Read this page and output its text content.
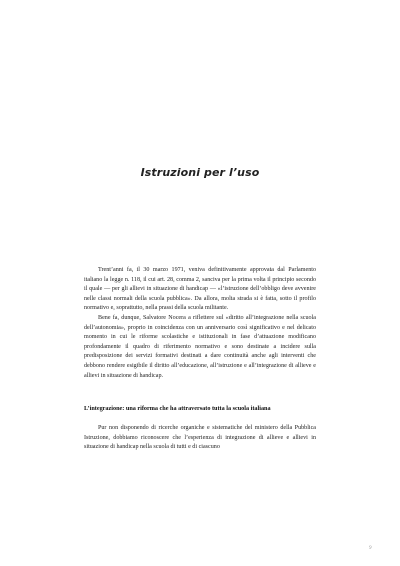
Istruzioni per l’uso

Trent’anni fa, il 30 marzo 1971, veniva definitivamente approvata dal Parlamento italiano la legge n. 118, il cui art. 28, comma 2, sanciva per la prima volta il principio secondo il quale — per gli allievi in situazione di handicap — «l’istruzione dell’obbligo deve avvenire nelle classi normali della scuola pubblica». Da allora, molta strada si è fatta, sotto il profilo normativo e, soprattutto, nella prassi della scuola militante.

Bene fa, dunque, Salvatore Nocera a riflettere sul «diritto all’integrazione nella scuola dell’autonomia», proprio in coincidenza con un anniversario così significativo e nel delicato momento in cui le riforme scolastiche e istituzionali in fase d’attuazione modificano profondamente il quadro di riferimento normativo e sono destinate a incidere sulla predisposizione dei servizi formativi destinati a dare continuità anche agli interventi che debbono rendere esigibile il diritto all’educazione, all’istruzione e all’integrazione di allieve e allievi in situazione di handicap.

L’integrazione: una riforma che ha attraversato tutta la scuola italiana

Pur non disponendo di ricerche organiche e sistematiche del ministero della Pubblica Istruzione, dobbiamo riconoscere che l’esperienza di integrazione di allieve e allievi in situazione di handicap nella scuola di tutti e di ciascuno

9
